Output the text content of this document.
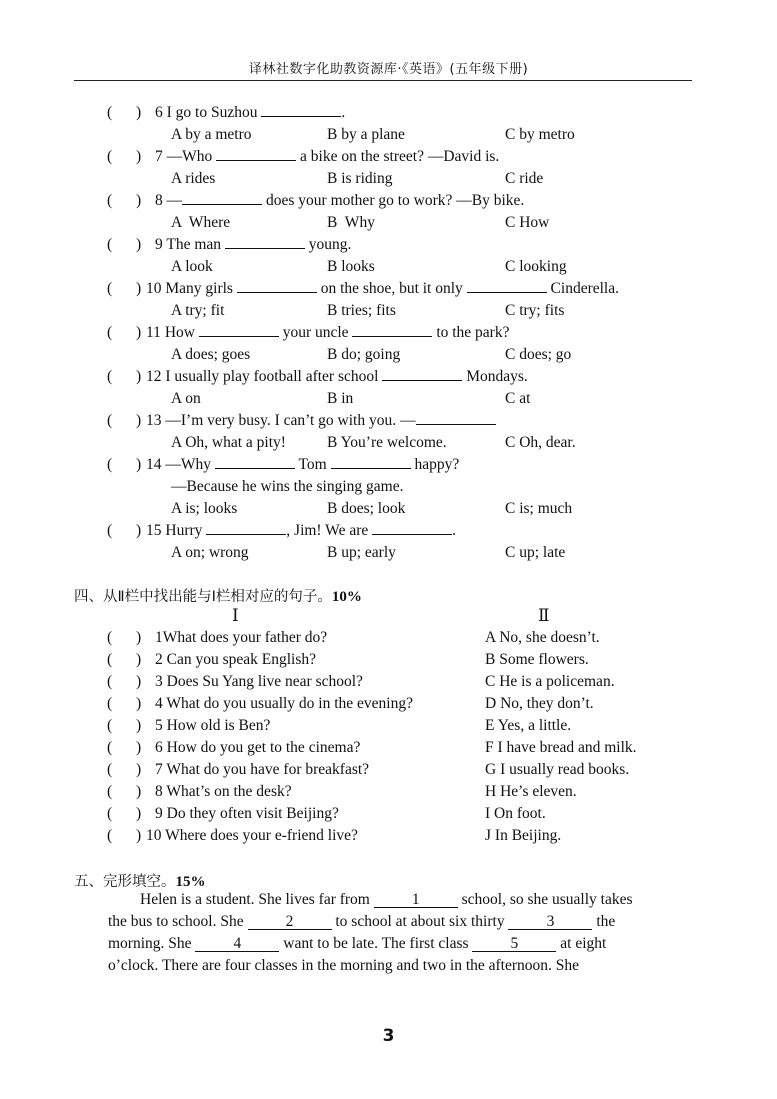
译林社数字化助教资源库·《英语》(五年级下册)
( ) 6 I go to Suzhou	.
A by a metro	B by a plane	C by metro
( ) 7 —Who	a bike on the street? —David is.
A rides	B is riding	C ride
( ) 8 —	does your mother go to work? —By bike.
A  Where	B  Why	C How
( ) 9 The man	young.
A look	B looks	C looking
( ) 10 Many girls	on the shoe, but it only	Cinderella.
A try; fit	B tries; fits	C try; fits
( ) 11 How	your uncle	to the park?
A does; goes	B do; going	C does; go
( ) 12 I usually play football after school	Mondays.
A on	B in	C at
( ) 13 —I’m very busy. I can’t go with you. —
A Oh, what a pity!	B You’re welcome.	C Oh, dear.
( ) 14 —Why	Tom	happy?
—Because he wins the singing game.
A is; looks	B does; look	C is; much
( ) 15 Hurry	, Jim! We are	.
A on; wrong	B up; early	C up; late
四、从Ⅱ栏中找出能与Ⅰ栏相对应的句子。10%
Ⅰ	Ⅱ
( ) 1What does your father do?	A No, she doesn’t.
( ) 2 Can you speak English?	B Some flowers.
( ) 3 Does Su Yang live near school?	C He is a policeman.
( ) 4 What do you usually do in the evening?	D No, they don’t.
( ) 5 How old is Ben?	E Yes, a little.
( ) 6 How do you get to the cinema?	F I have bread and milk.
( ) 7 What do you have for breakfast?	G I usually read books.
( ) 8 What’s on the desk?	H He’s eleven.
( ) 9 Do they often visit Beijing?	I On foot.
( ) 10 Where does your e-friend live?	J In Beijing.
五、完形填空。15%
Helen is a student. She lives far from 1 school, so she usually takes
the bus to school. She 2 to school at about six thirty 3 the
morning. She 4 want to be late. The first class 5 at eight
o’clock. There are four classes in the morning and two in the afternoon. She
3
